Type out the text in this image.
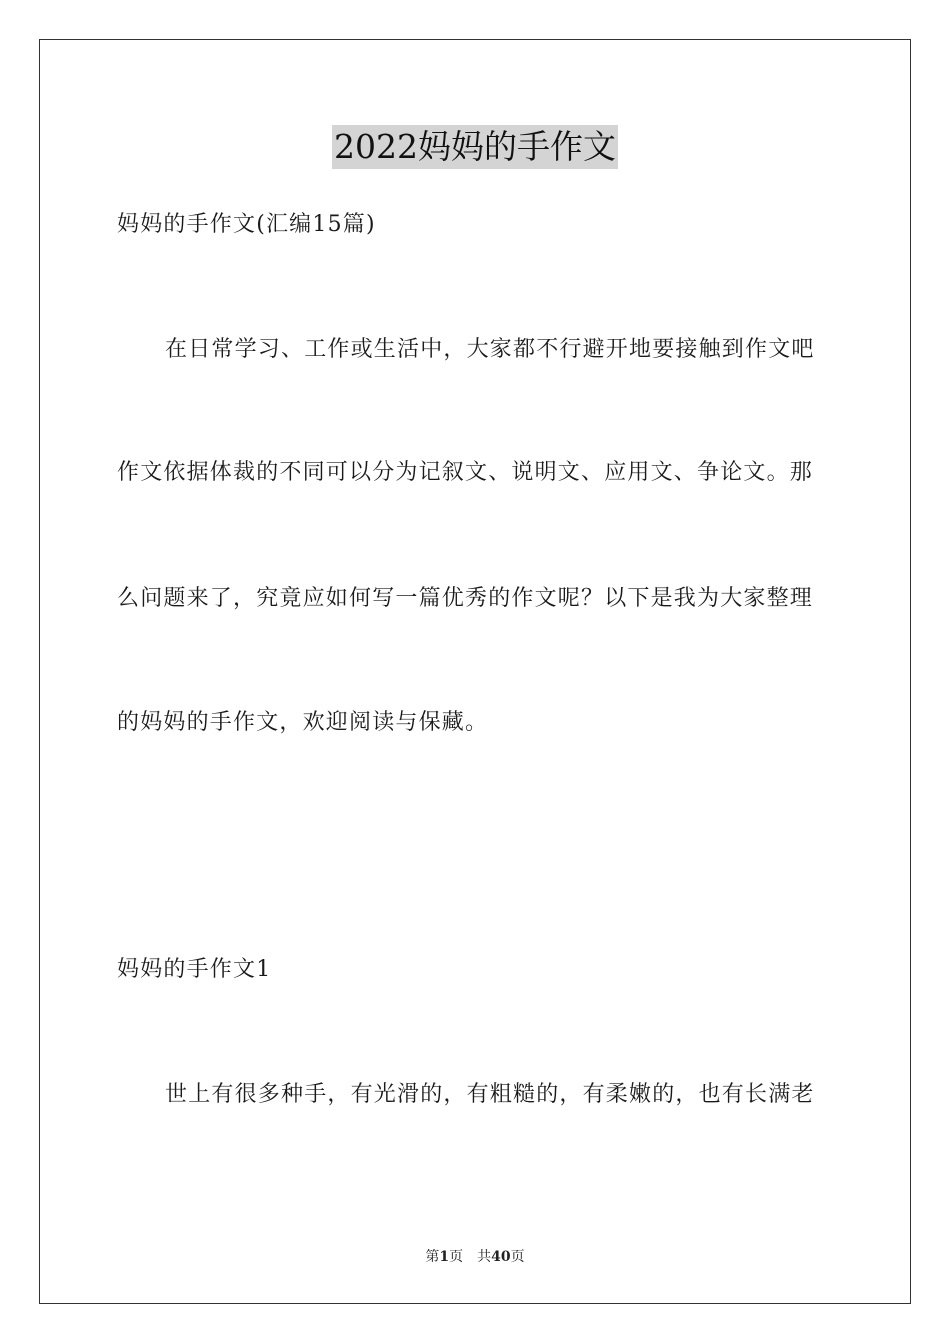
2022妈妈的手作文
妈妈的手作文(汇编15篇)
在日常学习、工作或生活中，大家都不行避开地要接触到作文吧
作文依据体裁的不同可以分为记叙文、说明文、应用文、争论文。那
么问题来了，究竟应如何写一篇优秀的作文呢？以下是我为大家整理
的妈妈的手作文，欢迎阅读与保藏。
妈妈的手作文1
世上有很多种手，有光滑的，有粗糙的，有柔嫩的，也有长满老
第1页 共40页
